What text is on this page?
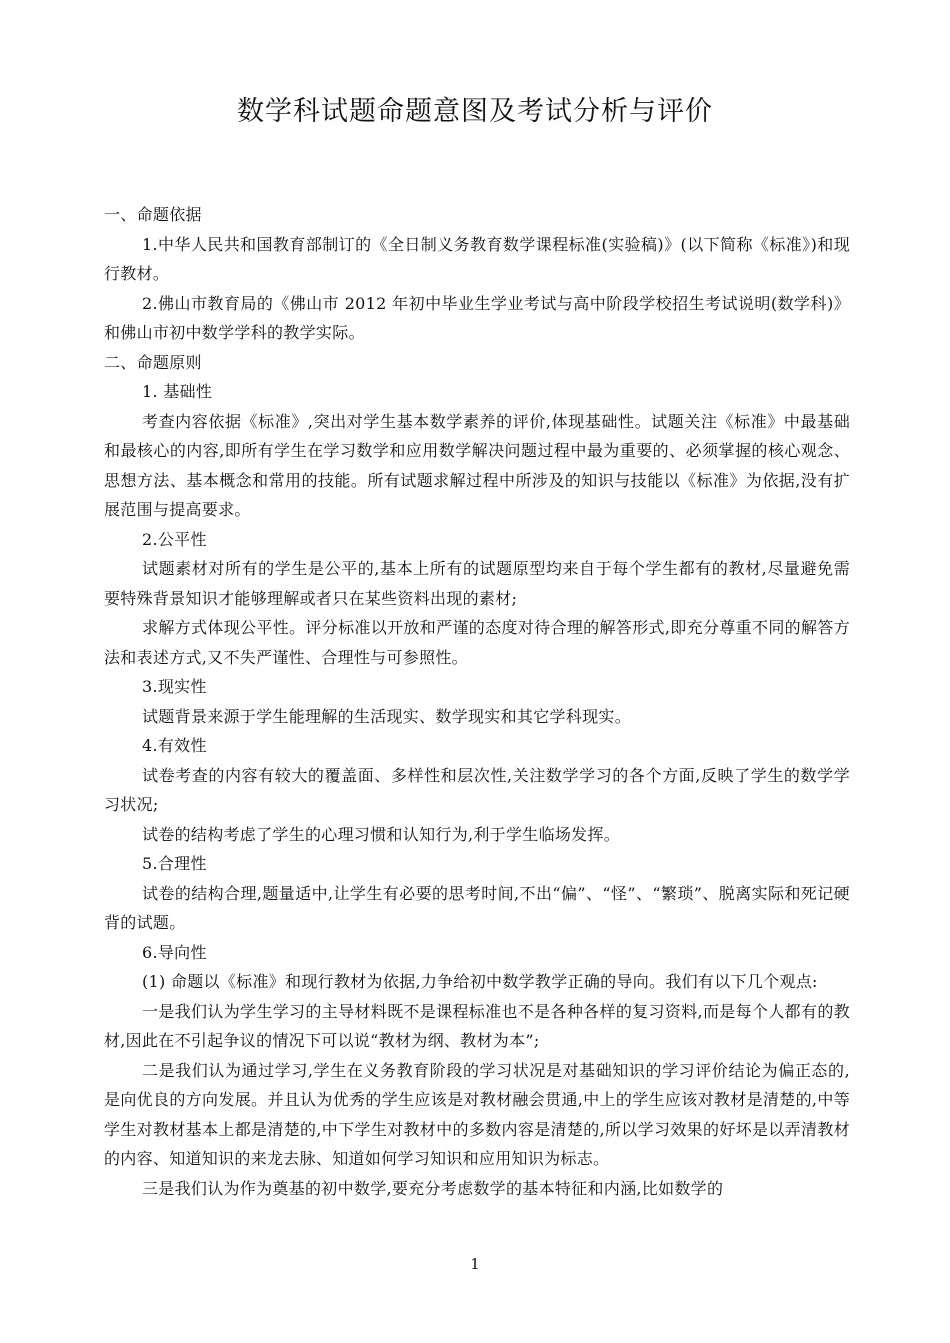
数学科试题命题意图及考试分析与评价

一、命题依据

1.中华人民共和国教育部制订的《全日制义务教育数学课程标准(实验稿)》(以下简称《标准》)和现行教材。

2.佛山市教育局的《佛山市 2012 年初中毕业生学业考试与高中阶段学校招生考试说明(数学科)》和佛山市初中数学学科的教学实际。

二、命题原则

1. 基础性

考查内容依据《标准》,突出对学生基本数学素养的评价,体现基础性。试题关注《标准》中最基础和最核心的内容,即所有学生在学习数学和应用数学解决问题过程中最为重要的、必须掌握的核心观念、思想方法、基本概念和常用的技能。所有试题求解过程中所涉及的知识与技能以《标准》为依据,没有扩展范围与提高要求。

2.公平性

试题素材对所有的学生是公平的,基本上所有的试题原型均来自于每个学生都有的教材,尽量避免需要特殊背景知识才能够理解或者只在某些资料出现的素材;

求解方式体现公平性。评分标准以开放和严谨的态度对待合理的解答形式,即充分尊重不同的解答方法和表述方式,又不失严谨性、合理性与可参照性。

3.现实性

试题背景来源于学生能理解的生活现实、数学现实和其它学科现实。

4.有效性

试卷考查的内容有较大的覆盖面、多样性和层次性,关注数学学习的各个方面,反映了学生的数学学习状况;

试卷的结构考虑了学生的心理习惯和认知行为,利于学生临场发挥。

5.合理性

试卷的结构合理,题量适中,让学生有必要的思考时间,不出“偏”、“怪”、“繁琐”、脱离实际和死记硬背的试题。

6.导向性

(1) 命题以《标准》和现行教材为依据,力争给初中数学教学正确的导向。我们有以下几个观点:

一是我们认为学生学习的主导材料既不是课程标准也不是各种各样的复习资料,而是每个人都有的教材,因此在不引起争议的情况下可以说“教材为纲、教材为本”;

二是我们认为通过学习,学生在义务教育阶段的学习状况是对基础知识的学习评价结论为偏正态的,是向优良的方向发展。并且认为优秀的学生应该是对教材融会贯通,中上的学生应该对教材是清楚的,中等学生对教材基本上都是清楚的,中下学生对教材中的多数内容是清楚的,所以学习效果的好坏是以弄清教材的内容、知道知识的来龙去脉、知道如何学习知识和应用知识为标志。

三是我们认为作为奠基的初中数学,要充分考虑数学的基本特征和内涵,比如数学的

1
